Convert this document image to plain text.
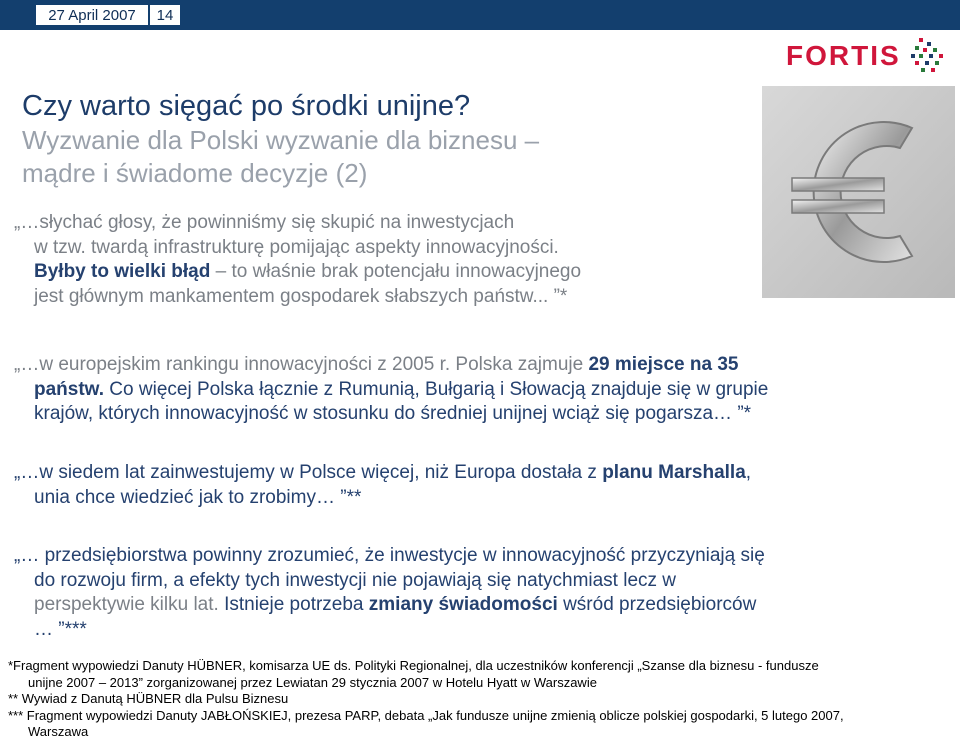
27 April 2007	14
FORTIS
Czy warto sięgać po środki unijne?
Wyzwanie dla Polski wyzwanie dla biznesu –
mądre i świadome decyzje (2)
„…słychać głosy, że powinniśmy się skupić na inwestycjach
w tzw. twardą infrastrukturę pomijając aspekty innowacyjności.
Byłby to wielki błąd – to właśnie brak potencjału innowacyjnego
jest głównym mankamentem gospodarek słabszych państw... ”*
„…w europejskim rankingu innowacyjności z 2005 r. Polska zajmuje 29 miejsce na 35
państw. Co więcej Polska łącznie z Rumunią, Bułgarią i Słowacją znajduje się w grupie
krajów, których innowacyjność w stosunku do średniej unijnej wciąż się pogarsza… ”*
„…w siedem lat zainwestujemy w Polsce więcej, niż Europa dostała z planu Marshalla,
unia chce wiedzieć jak to zrobimy… ”**
„… przedsiębiorstwa powinny zrozumieć, że inwestycje w innowacyjność przyczyniają się
do rozwoju firm, a efekty tych inwestycji nie pojawiają się natychmiast lecz w
perspektywie kilku lat. Istnieje potrzeba zmiany świadomości wśród przedsiębiorców
… ”***
*Fragment wypowiedzi Danuty HÜBNER, komisarza UE ds. Polityki Regionalnej, dla uczestników konferencji „Szanse dla biznesu - fundusze
unijne 2007 – 2013” zorganizowanej przez Lewiatan 29 stycznia 2007 w Hotelu Hyatt w Warszawie
** Wywiad z Danutą HÜBNER dla Pulsu Biznesu
*** Fragment wypowiedzi Danuty JABŁOŃSKIEJ, prezesa PARP, debata „Jak fundusze unijne zmienią oblicze polskiej gospodarki, 5 lutego 2007,
Warszawa
